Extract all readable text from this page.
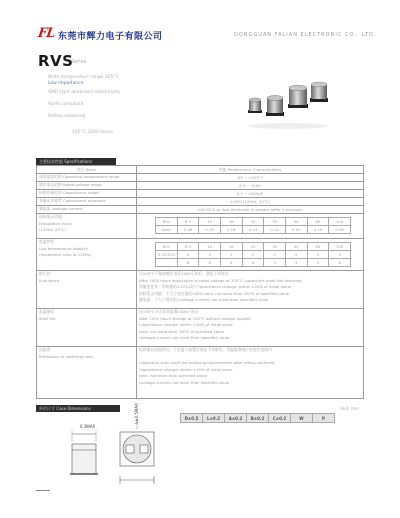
FL 东莞市辉力电子有限公司	DONGGUAN FALIAN ELECTRONIC CO., LTD.
RVS
Series
Wide temperature range 105°C
Low impedance
SMD type aluminum electrolytic
RoHS compliant
Reflow soldering
105°C 2000 hours
主要技术性能 Specifications
项目 Items	性能 Performance Characteristics
使用温度范围 Operating temperature range	-55 ~ +105°C
额定电压范围 Rated voltage range	6.3 ~ 100V
标称容量范围 Capacitance range	0.1 ~ 1500μF
容量允许偏差 Capacitance tolerance	±20% (120Hz, 20°C)
漏电流 Leakage current	I≤0.01CV or 3μA whichever is greater (after 2 minutes)

损耗角正切值
Dissipation factor
(120Hz, 20°C)

W.V.	6.3	10	16	25	35	50	63	100
tanδ	0.26	0.19	0.16	0.14	0.12	0.10	0.10	0.08

低温特性
Low temperature stability
(Impedance ratio at 120Hz)

W.V.	6.3	10	16	25	35	50	63	100
Z-25/Z20	4	3	2	2	2	2	2	3
	8	6	4	4	3	3	3	6

耐久性
Endurance

在105°C下施加额定电压2000小时后，满足下列要求
After 2000 hours application of rated voltage at 105°C, capacitors meet the following
容量变化率：初始值的±20%以内 Capacitance change: within ±20% of initial value
损耗角正切值：不大于规定值的200% tanδ: not more than 200% of specified value
漏电流：不大于规定值 Leakage current: not more than specified value

高温储存
Shelf life

在105°C下无负荷放置1000小时后
After 1000 hours storage at 105°C without voltage applied
Capacitance change: within ±20% of initial value
tanδ: not more than 200% of specified value
Leakage current: not more than specified value

回流焊
Resistance to soldering heat

电容器在回流焊后，于室温下放置后满足下列要求，其温度曲线应在规定范围内
Capacitors shall meet the following requirements after reflow soldering
Capacitance change: within ±10% of initial value
tanδ: not more than specified value
Leakage current: not more than specified value
外形尺寸 Case Dimensions	Unit: mm
D±0.5	L±0.2	A±0.2	B±0.2	C±0.2	W	P
0.3MAX
L±0.5MAX
